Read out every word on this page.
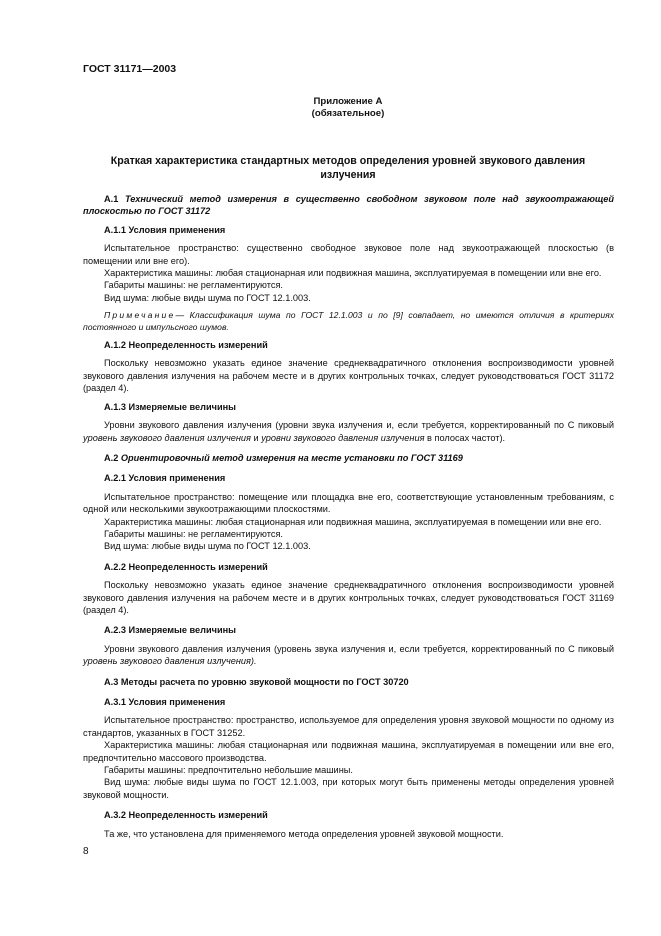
ГОСТ 31171—2003
Приложение А
(обязательное)
Краткая характеристика стандартных методов определения уровней звукового давления излучения

А.1 Технический метод измерения в существенно свободном звуковом поле над звукоотражающей плоскостью по ГОСТ 31172

А.1.1 Условия применения

Испытательное пространство: существенно свободное звуковое поле над звукоотражающей плоскостью (в помещении или вне его).

Характеристика машины: любая стационарная или подвижная машина, эксплуатируемая в помещении или вне его.

Габариты машины: не регламентируются.

Вид шума: любые виды шума по ГОСТ 12.1.003.

Примечание— Классификация шума по ГОСТ 12.1.003 и по [9] совпадает, но имеются отличия в критериях постоянного и импульсного шумов.

А.1.2 Неопределенность измерений

Поскольку невозможно указать единое значение среднеквадратичного отклонения воспроизводимости уровней звукового давления излучения на рабочем месте и в других контрольных точках, следует руководствоваться ГОСТ 31172 (раздел 4).

А.1.3 Измеряемые величины

Уровни звукового давления излучения (уровни звука излучения и, если требуется, корректированный по С пиковый уровень звукового давления излучения и уровни звукового давления излучения в полосах частот).

А.2 Ориентировочный метод измерения на месте установки по ГОСТ 31169

А.2.1 Условия применения

Испытательное пространство: помещение или площадка вне его, соответствующие установленным требованиям, с одной или несколькими звукоотражающими плоскостями.

Характеристика машины: любая стационарная или подвижная машина, эксплуатируемая в помещении или вне его.

Габариты машины: не регламентируются.

Вид шума: любые виды шума по ГОСТ 12.1.003.

А.2.2 Неопределенность измерений

Поскольку невозможно указать единое значение среднеквадратичного отклонения воспроизводимости уровней звукового давления излучения на рабочем месте и в других контрольных точках, следует руководствоваться ГОСТ 31169 (раздел 4).

А.2.3 Измеряемые величины

Уровни звукового давления излучения (уровень звука излучения и, если требуется, корректированный по С пиковый уровень звукового давления излучения).

А.3 Методы расчета по уровню звуковой мощности по ГОСТ 30720

А.3.1 Условия применения

Испытательное пространство: пространство, используемое для определения уровня звуковой мощности по одному из стандартов, указанных в ГОСТ 31252.

Характеристика машины: любая стационарная или подвижная машина, эксплуатируемая в помещении или вне его, предпочтительно массового производства.

Габариты машины: предпочтительно небольшие машины.

Вид шума: любые виды шума по ГОСТ 12.1.003, при которых могут быть применены методы определения уровней звуковой мощности.

А.3.2 Неопределенность измерений

Та же, что установлена для применяемого метода определения уровней звуковой мощности.

8
